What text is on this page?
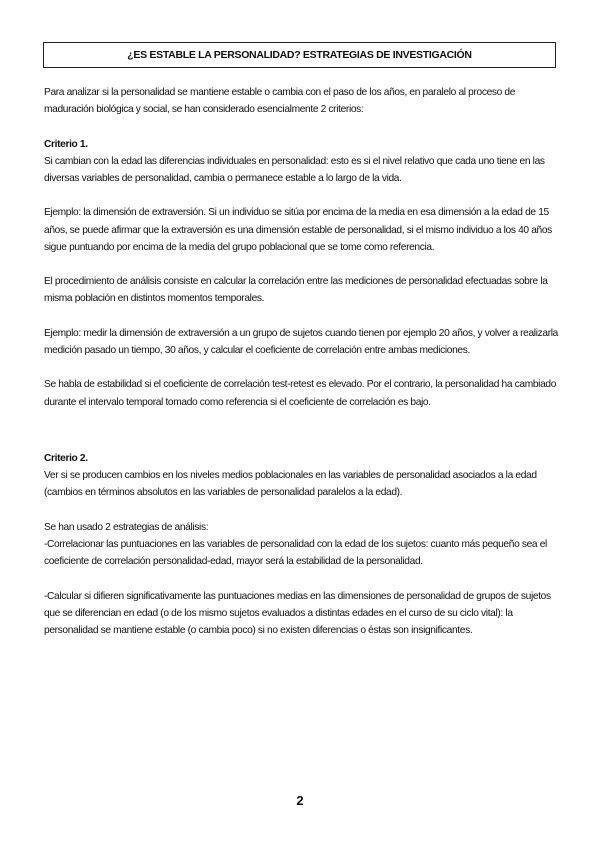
¿ES ESTABLE LA PERSONALIDAD? ESTRATEGIAS DE INVESTIGACIÓN

Para analizar si la personalidad se mantiene estable o cambia con el paso de los años, en paralelo al proceso de maduración biológica y social, se han considerado esencialmente 2 criterios:

Criterio 1.

Si cambian con la edad las diferencias individuales en personalidad: esto es si el nivel relativo que cada uno tiene en las diversas variables de personalidad, cambia o permanece estable a lo largo de la vida.

Ejemplo: la dimensión de extraversión. Si un individuo se sitúa por encima de la media en esa dimensión a la edad de 15 años, se puede afirmar que la extraversión es una dimensión estable de personalidad, si el mismo individuo a los 40 años sigue puntuando por encima de la media del grupo poblacional que se tome como referencia.

El procedimiento de análisis consiste en calcular la correlación entre las mediciones de personalidad efectuadas sobre la misma población en distintos momentos temporales.

Ejemplo: medir la dimensión de extraversión a un grupo de sujetos cuando tienen por ejemplo 20 años, y volver a realizarla medición pasado un tiempo, 30 años, y calcular el coeficiente de correlación entre ambas mediciones.

Se habla de estabilidad si el coeficiente de correlación test-retest es elevado. Por el contrario, la personalidad ha cambiado durante el intervalo temporal tomado como referencia si el coeficiente de correlación es bajo.

Criterio 2.

Ver si se producen cambios en los niveles medios poblacionales en las variables de personalidad asociados a la edad (cambios en términos absolutos en las variables de personalidad paralelos a la edad).

Se han usado 2 estrategias de análisis:

-Correlacionar las puntuaciones en las variables de personalidad con la edad de los sujetos: cuanto más pequeño sea el coeficiente de correlación personalidad-edad, mayor será la estabilidad de la personalidad.

-Calcular si difieren significativamente las puntuaciones medias en las dimensiones de personalidad de grupos de sujetos que se diferencian en edad (o de los mismo sujetos evaluados a distintas edades en el curso de su ciclo vital): la personalidad se mantiene estable (o cambia poco) si no existen diferencias o éstas son insignificantes.

2
